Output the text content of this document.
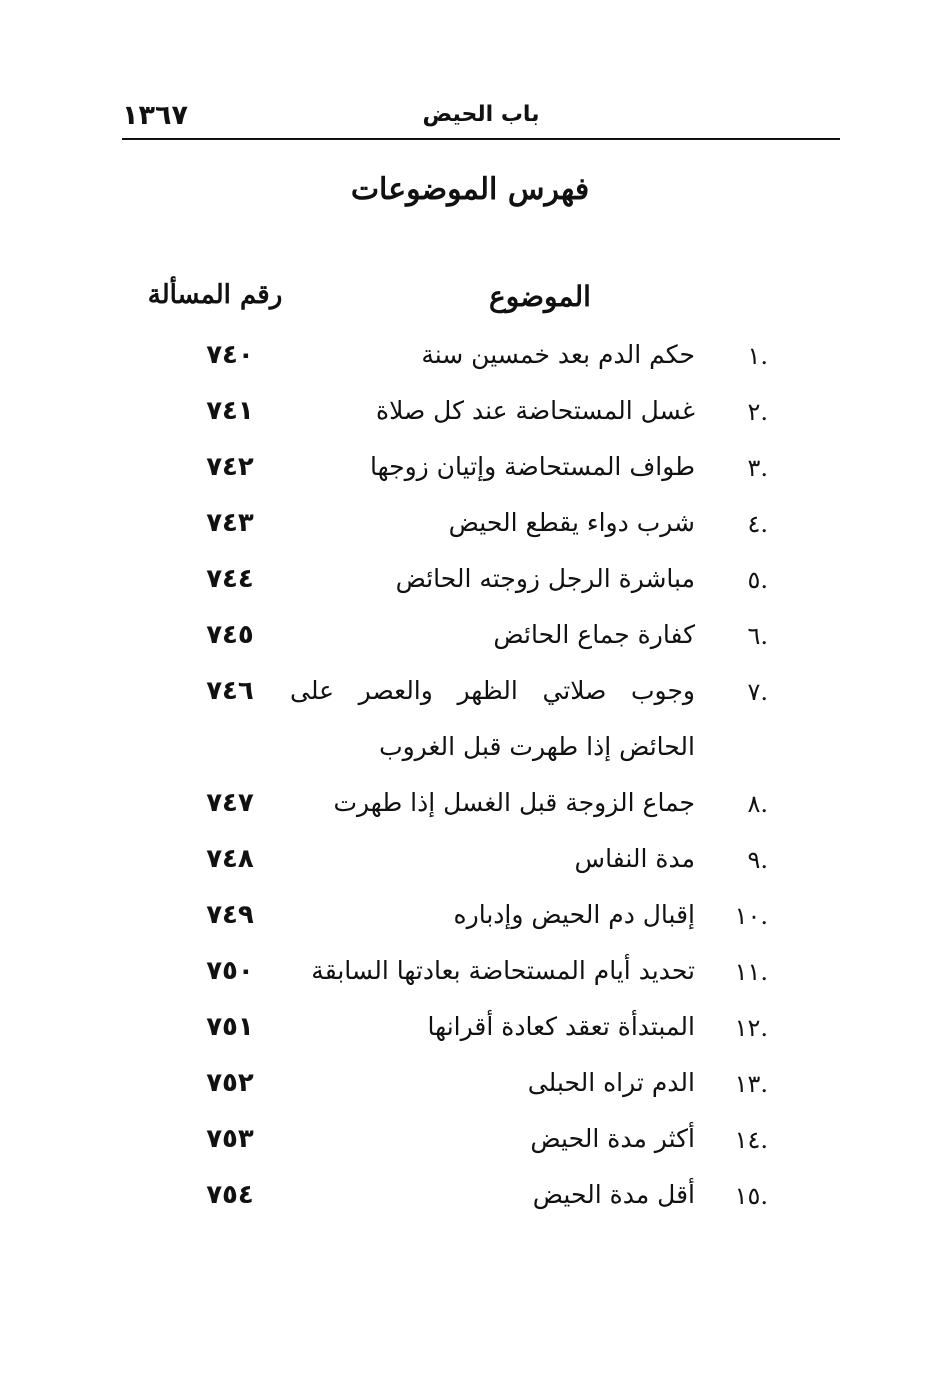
١٣٦٧	باب الحيض
فهرس الموضوعات
الموضوع
رقم المسألة
.١
حكم الدم بعد خمسين سنة
٧٤٠
.٢
غسل المستحاضة عند كل صلاة
٧٤١
.٣
طواف المستحاضة وإتيان زوجها
٧٤٢
.٤
شرب دواء يقطع الحيض
٧٤٣
.٥
مباشرة الرجل زوجته الحائض
٧٤٤
.٦
كفارة جماع الحائض
٧٤٥
.٧
وجوب صلاتي الظهر والعصر على
٧٤٦
الحائض إذا طهرت قبل الغروب
.٨
جماع الزوجة قبل الغسل إذا طهرت
٧٤٧
.٩
مدة النفاس
٧٤٨
.١٠
إقبال دم الحيض وإدباره
٧٤٩
.١١
تحديد أيام المستحاضة بعادتها السابقة
٧٥٠
.١٢
المبتدأة تعقد كعادة أقرانها
٧٥١
.١٣
الدم تراه الحبلى
٧٥٢
.١٤
أكثر مدة الحيض
٧٥٣
.١٥
أقل مدة الحيض
٧٥٤
